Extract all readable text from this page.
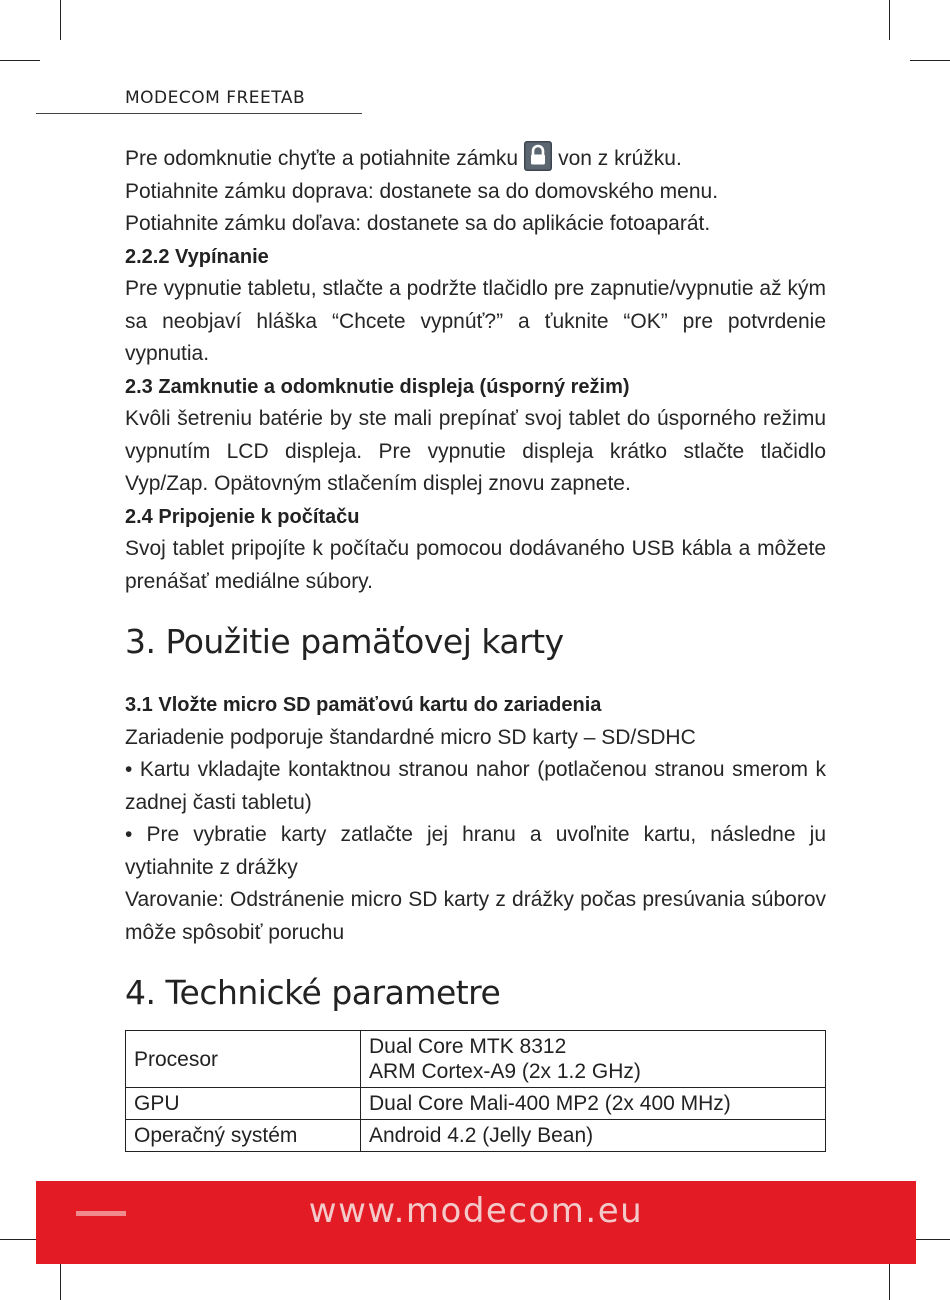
MODECOM FREETAB

Pre odomknutie chyťte a potiahnite zámku von z krúžku.

Potiahnite zámku doprava: dostanete sa do domovského menu.

Potiahnite zámku doľava: dostanete sa do aplikácie fotoaparát.

2.2.2 Vypínanie

Pre vypnutie tabletu, stlačte a podržte tlačidlo pre zapnutie/vypnutie až kým sa neobjaví hláška “Chcete vypnúť?” a ťuknite “OK” pre potvrdenie vypnutia.

2.3 Zamknutie a odomknutie displeja (úsporný režim)

Kvôli šetreniu batérie by ste mali prepínať svoj tablet do úsporného režimu vypnutím LCD displeja. Pre vypnutie displeja krátko stlačte tlačidlo Vyp/Zap. Opätovným stlačením displej znovu zapnete.

2.4 Pripojenie k počítaču

Svoj tablet pripojíte k počítaču pomocou dodávaného USB kábla a môžete prenášať mediálne súbory.

3. Použitie pamäťovej karty

3.1 Vložte micro SD pamäťovú kartu do zariadenia

Zariadenie podporuje štandardné micro SD karty – SD/SDHC

• Kartu vkladajte kontaktnou stranou nahor (potlačenou stranou smerom k zadnej časti tabletu)

• Pre vybratie karty zatlačte jej hranu a uvoľnite kartu, následne ju vytiahnite z drážky

Varovanie: Odstránenie micro SD karty z drážky počas presúvania súborov môže spôsobiť poruchu

4. Technické parametre
Procesor	Dual Core MTK 8312
ARM Cortex-A9 (2x 1.2 GHz)

GPU	Dual Core Mali-400 MP2 (2x 400 MHz)
Operačný systém	Android 4.2 (Jelly Bean)
www.modecom.eu
